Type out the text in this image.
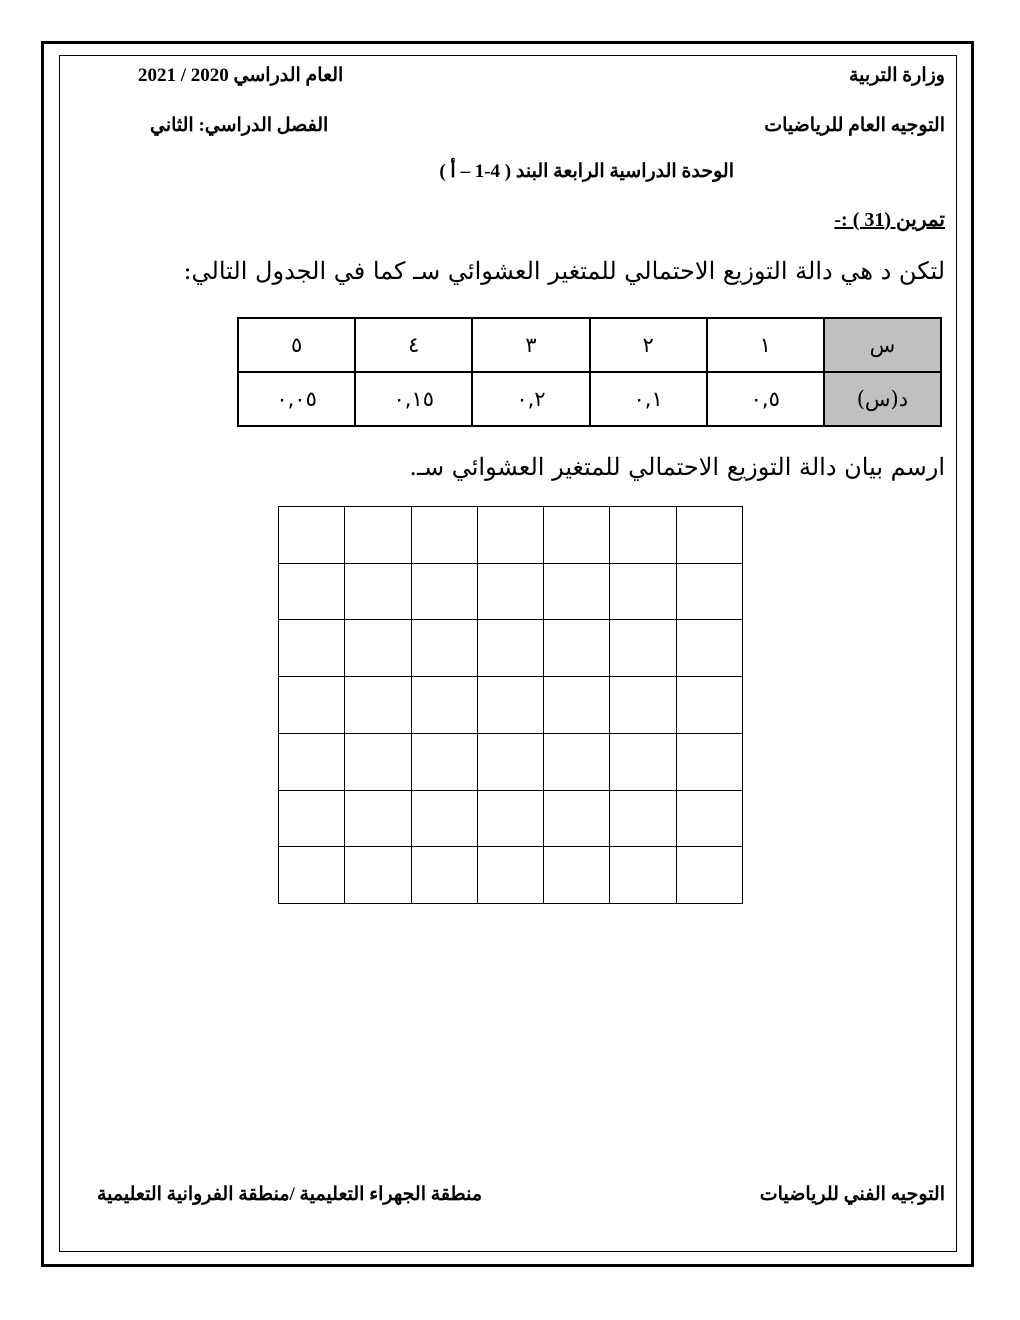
وزارة التربية
العام الدراسي 2020 / 2021
التوجيه العام للرياضيات
الفصل الدراسي: الثاني
الوحدة الدراسية الرابعة البند ( 4-1 – أ )
تمرين (31 ) :-
لتكن د هي دالة التوزيع الاحتمالي للمتغير العشوائي سـ كما في الجدول التالي:
س	١	٢	٣	٤	٥
د(س)	٠,٥	٠,١	٠,٢	٠,١٥	٠,٠٥
ارسم بيان دالة التوزيع الاحتمالي للمتغير العشوائي سـ.

التوجيه الفني للرياضيات
منطقة الجهراء التعليمية /منطقة الفروانية التعليمية
